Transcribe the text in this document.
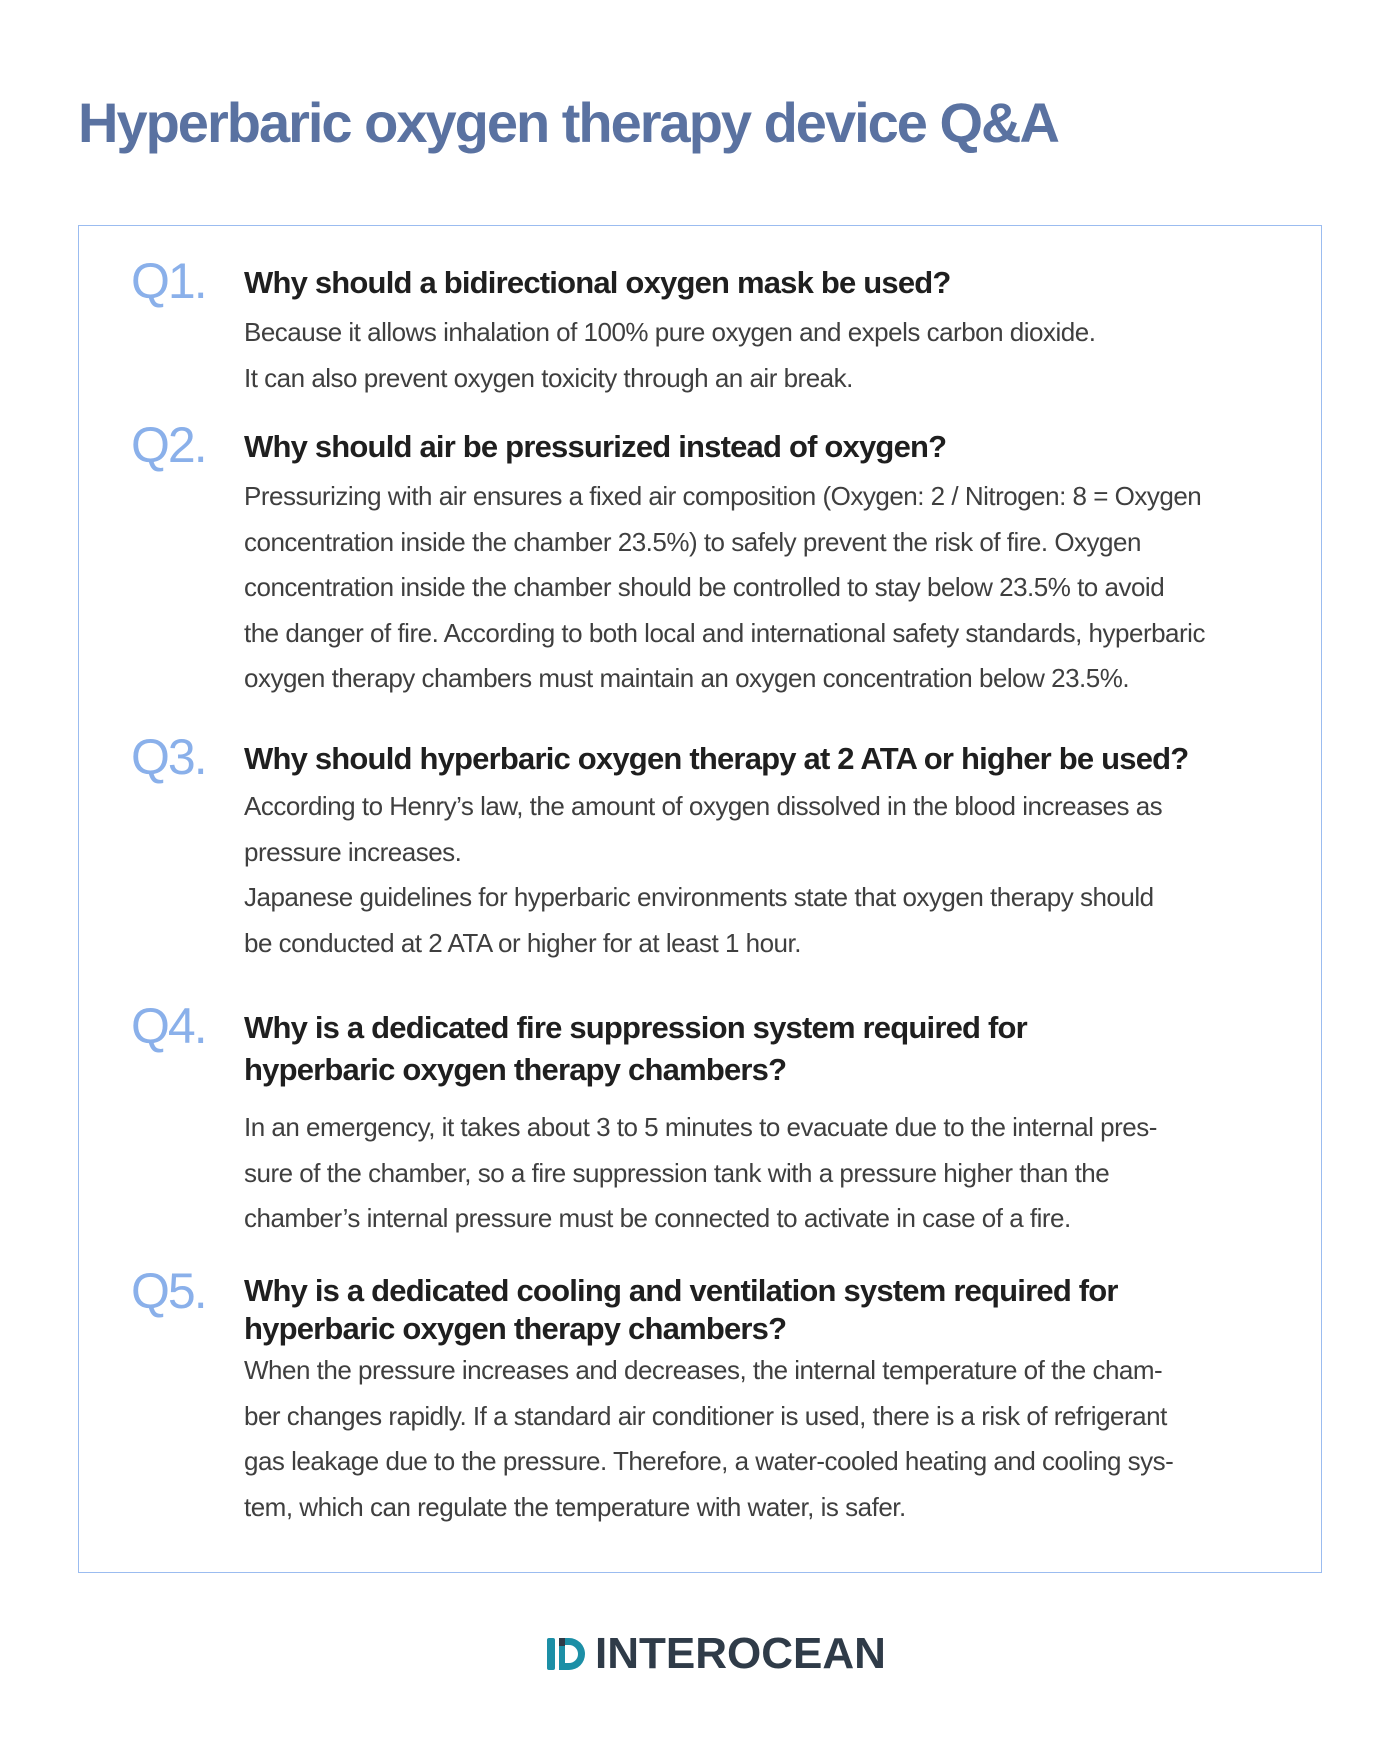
Hyperbaric oxygen therapy device Q&A
Q1. Why should a bidirectional oxygen mask be used?

Because it allows inhalation of 100% pure oxygen and expels carbon dioxide.
It can also prevent oxygen toxicity through an air break.

Q2. Why should air be pressurized instead of oxygen?

Pressurizing with air ensures a fixed air composition (Oxygen: 2 / Nitrogen: 8 = Oxygen
concentration inside the chamber 23.5%) to safely prevent the risk of fire. Oxygen
concentration inside the chamber should be controlled to stay below 23.5% to avoid
the danger of fire. According to both local and international safety standards, hyperbaric
oxygen therapy chambers must maintain an oxygen concentration below 23.5%.

Q3. Why should hyperbaric oxygen therapy at 2 ATA or higher be used?

According to Henry’s law, the amount of oxygen dissolved in the blood increases as
pressure increases.
Japanese guidelines for hyperbaric environments state that oxygen therapy should
be conducted at 2 ATA or higher for at least 1 hour.

Q4. Why is a dedicated fire suppression system required for
hyperbaric oxygen therapy chambers?

In an emergency, it takes about 3 to 5 minutes to evacuate due to the internal pres-
sure of the chamber, so a fire suppression tank with a pressure higher than the
chamber’s internal pressure must be connected to activate in case of a fire.

Q5. Why is a dedicated cooling and ventilation system required for
hyperbaric oxygen therapy chambers?

When the pressure increases and decreases, the internal temperature of the cham-
ber changes rapidly. If a standard air conditioner is used, there is a risk of refrigerant
gas leakage due to the pressure. Therefore, a water-cooled heating and cooling sys-
tem, which can regulate the temperature with water, is safer.

INTEROCEAN
